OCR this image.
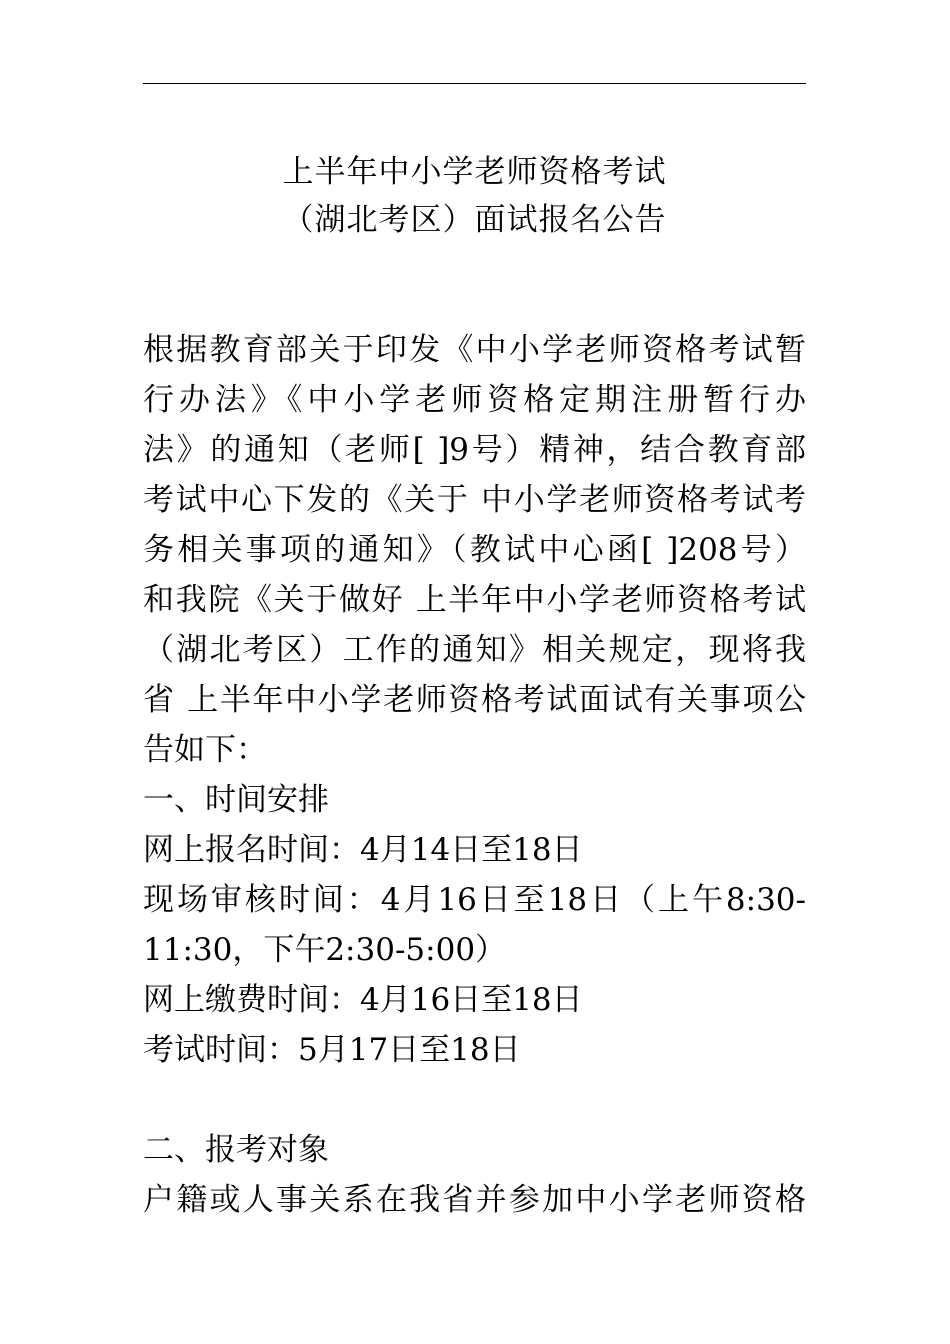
上半年中小学老师资格考试
（湖北考区）面试报名公告
根据教育部关于印发《中小学老师资格考试暂
行办法》《中小学老师资格定期注册暂行办
法》的通知（老师[ ]9号）精神，结合教育部
考试中心下发的《关于 中小学老师资格考试考
务相关事项的通知》（教试中心函[ ]208号）
和我院《关于做好 上半年中小学老师资格考试
（湖北考区）工作的通知》相关规定，现将我
省 上半年中小学老师资格考试面试有关事项公
告如下：
一、时间安排
网上报名时间：4月14日至18日
现场审核时间：4月16日至18日（上午8:30-
11:30，下午2:30-5:00）
网上缴费时间：4月16日至18日
考试时间：5月17日至18日
二、报考对象
户籍或人事关系在我省并参加中小学老师资格
